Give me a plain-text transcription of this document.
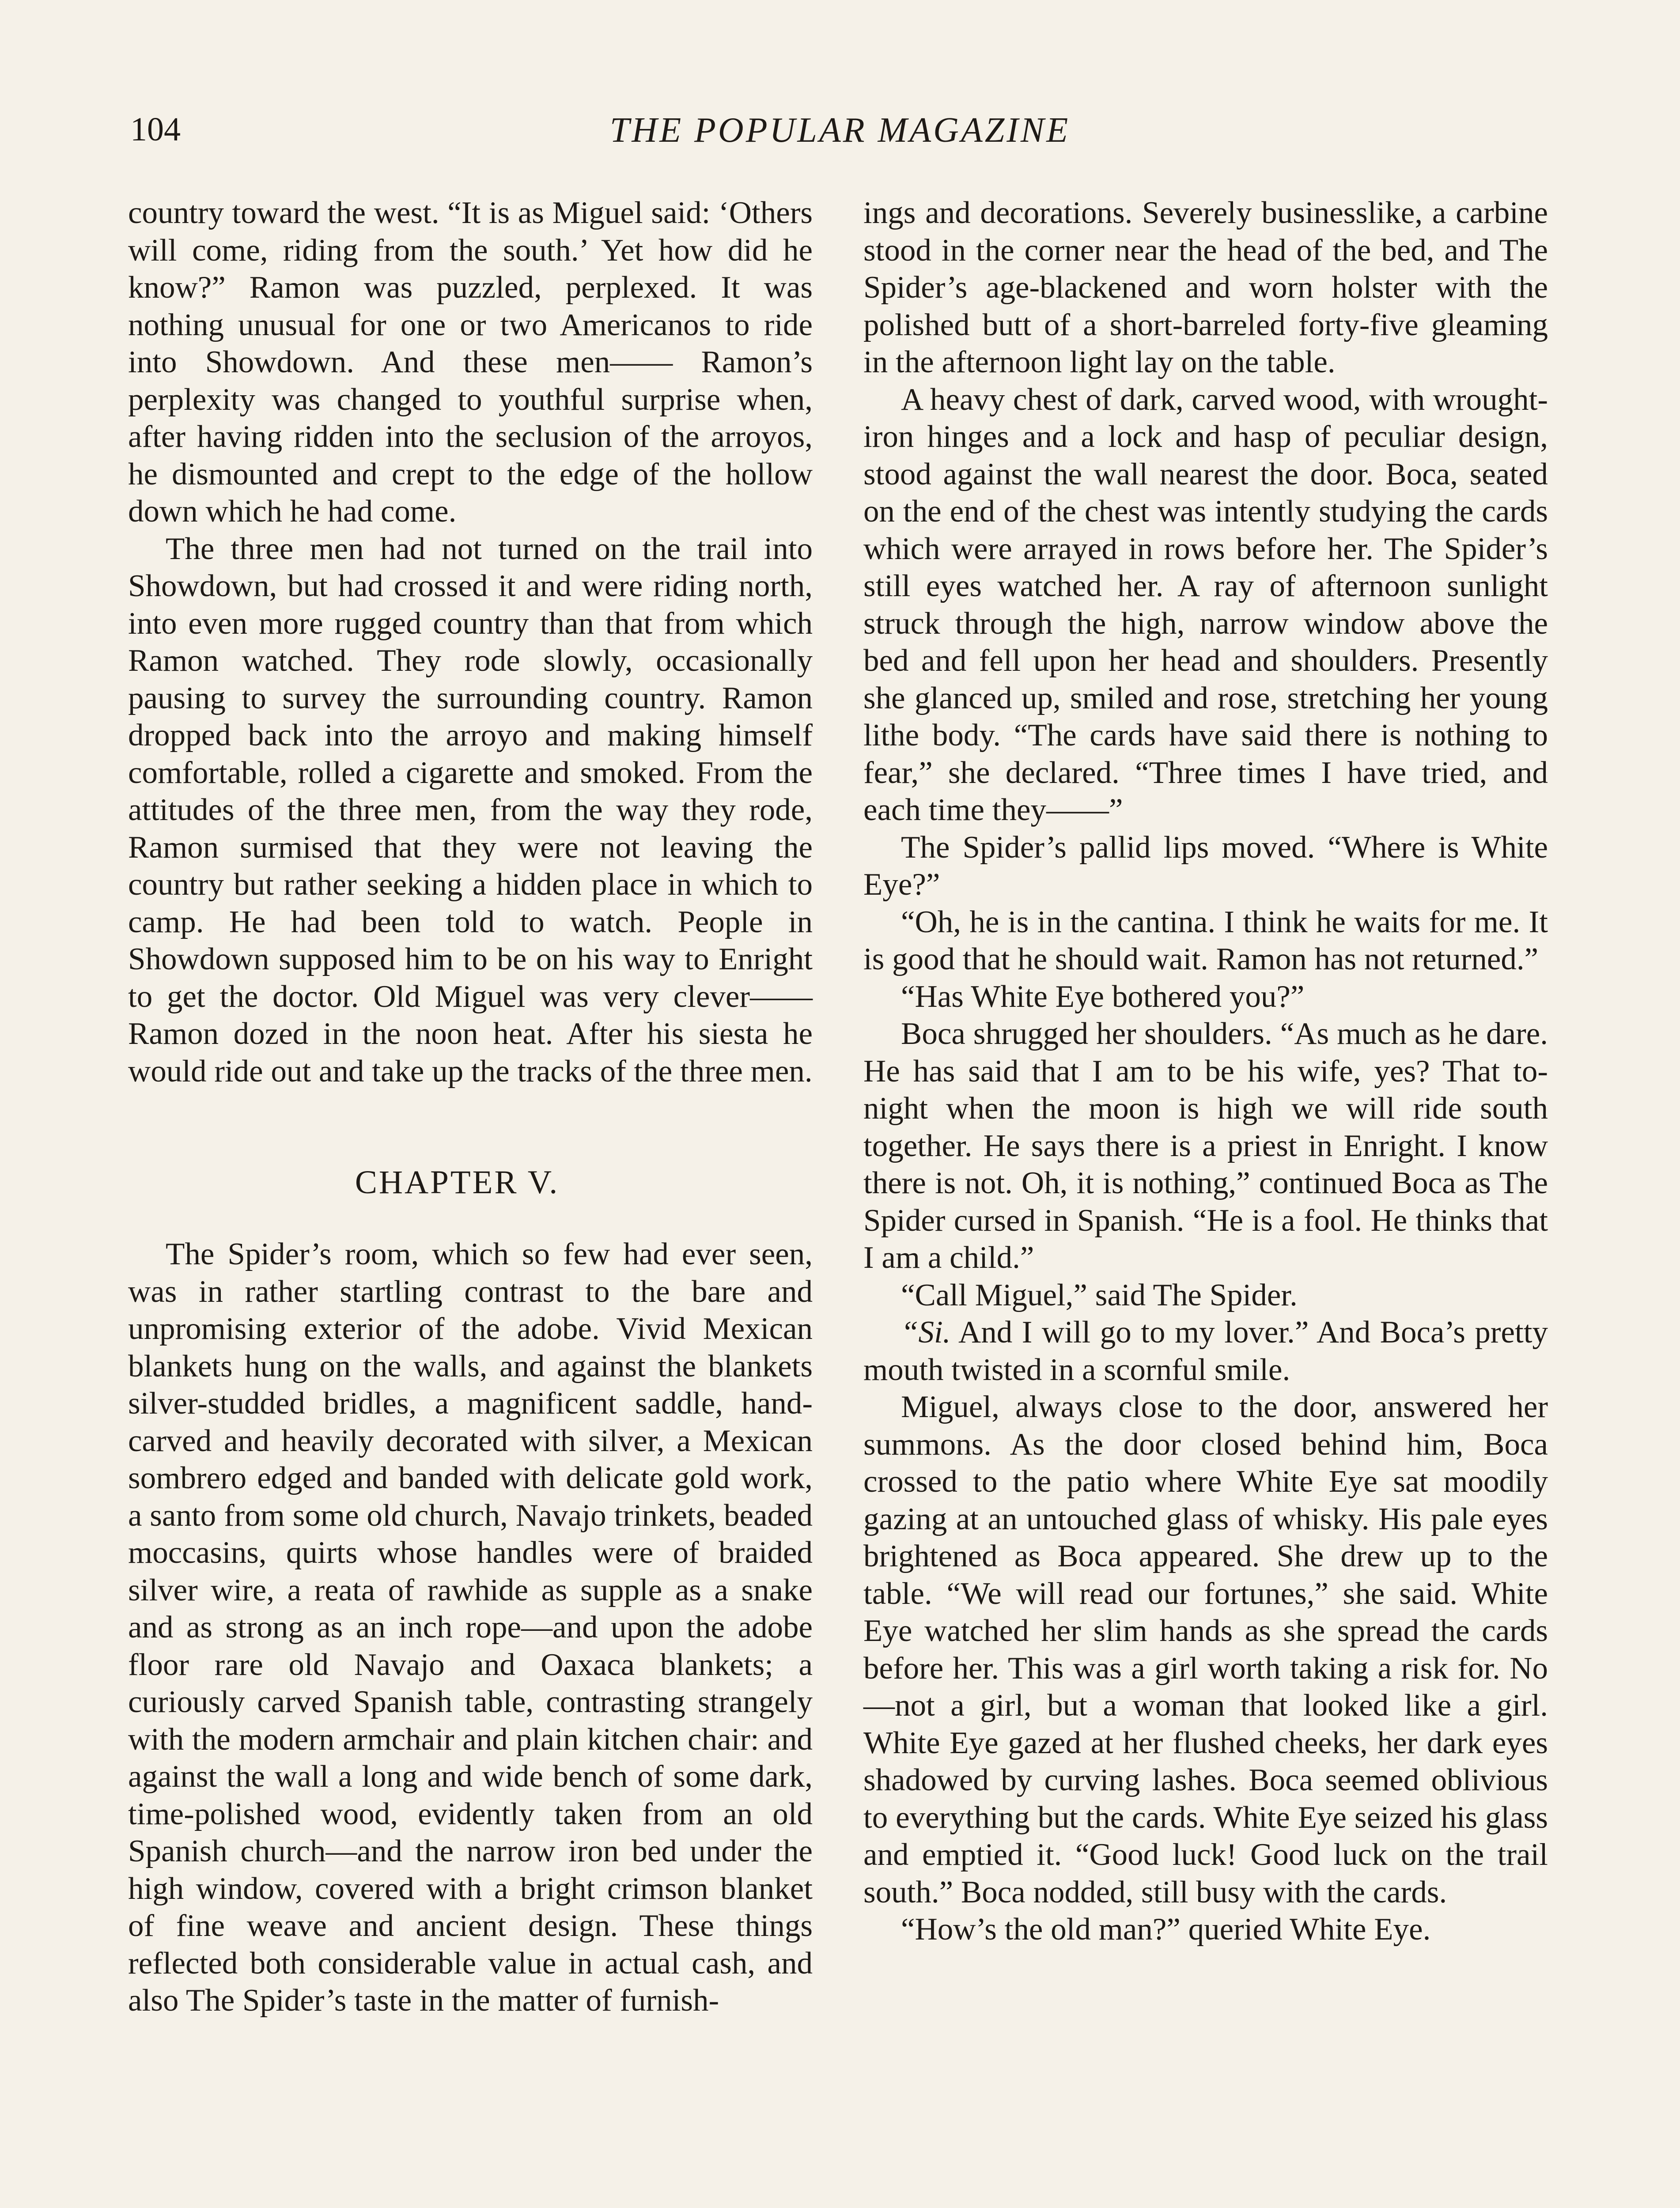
104	THE POPULAR MAGAZINE

country toward the west. “It is as Miguel said: ‘Others will come, riding from the south.’ Yet how did he know?” Ramon was puzzled, perplexed. It was nothing unusual for one or two Americanos to ride into Showdown. And these men—— Ramon’s perplexity was changed to youthful surprise when, after having ridden into the seclusion of the arroyos, he dismounted and crept to the edge of the hollow down which he had come.

The three men had not turned on the trail into Showdown, but had crossed it and were riding north, into even more rugged country than that from which Ramon watched. They rode slowly, occasionally pausing to survey the surrounding country. Ramon dropped back into the arroyo and making himself comfortable, rolled a cigarette and smoked. From the attitudes of the three men, from the way they rode, Ramon surmised that they were not leaving the country but rather seeking a hidden place in which to camp. He had been told to watch. People in Showdown supposed him to be on his way to Enright to get the doctor. Old Miguel was very clever—— Ramon dozed in the noon heat. After his siesta he would ride out and take up the tracks of the three men.

CHAPTER V.

The Spider’s room, which so few had ever seen, was in rather startling contrast to the bare and unpromising exterior of the adobe. Vivid Mexican blankets hung on the walls, and against the blankets silver-studded bridles, a magnificent saddle, hand-carved and heavily decorated with silver, a Mexican sombrero edged and banded with delicate gold work, a santo from some old church, Navajo trinkets, beaded moccasins, quirts whose handles were of braided silver wire, a reata of rawhide as supple as a snake and as strong as an inch rope—and upon the adobe floor rare old Navajo and Oaxaca blankets; a curiously carved Spanish table, contrasting strangely with the modern armchair and plain kitchen chair: and against the wall a long and wide bench of some dark, time-polished wood, evidently taken from an old Spanish church—and the narrow iron bed under the high window, covered with a bright crimson blanket of fine weave and ancient design. These things reflected both considerable value in actual cash, and also The Spider’s taste in the matter of furnish-

ings and decorations. Severely businesslike, a carbine stood in the corner near the head of the bed, and The Spider’s age-blackened and worn holster with the polished butt of a short-barreled forty-five gleaming in the afternoon light lay on the table.

A heavy chest of dark, carved wood, with wrought-iron hinges and a lock and hasp of peculiar design, stood against the wall nearest the door. Boca, seated on the end of the chest was intently studying the cards which were arrayed in rows before her. The Spider’s still eyes watched her. A ray of afternoon sunlight struck through the high, narrow window above the bed and fell upon her head and shoulders. Presently she glanced up, smiled and rose, stretching her young lithe body. “The cards have said there is nothing to fear,” she declared. “Three times I have tried, and each time they——”

The Spider’s pallid lips moved. “Where is White Eye?”

“Oh, he is in the cantina. I think he waits for me. It is good that he should wait. Ramon has not returned.”

“Has White Eye bothered you?”

Boca shrugged her shoulders. “As much as he dare. He has said that I am to be his wife, yes? That to-night when the moon is high we will ride south together. He says there is a priest in Enright. I know there is not. Oh, it is nothing,” continued Boca as The Spider cursed in Spanish. “He is a fool. He thinks that I am a child.”

“Call Miguel,” said The Spider.

“Si. And I will go to my lover.” And Boca’s pretty mouth twisted in a scornful smile.

Miguel, always close to the door, answered her summons. As the door closed behind him, Boca crossed to the patio where White Eye sat moodily gazing at an untouched glass of whisky. His pale eyes brightened as Boca appeared. She drew up to the table. “We will read our fortunes,” she said. White Eye watched her slim hands as she spread the cards before her. This was a girl worth taking a risk for. No—not a girl, but a woman that looked like a girl. White Eye gazed at her flushed cheeks, her dark eyes shadowed by curving lashes. Boca seemed oblivious to everything but the cards. White Eye seized his glass and emptied it. “Good luck! Good luck on the trail south.” Boca nodded, still busy with the cards.

“How’s the old man?” queried White Eye.
